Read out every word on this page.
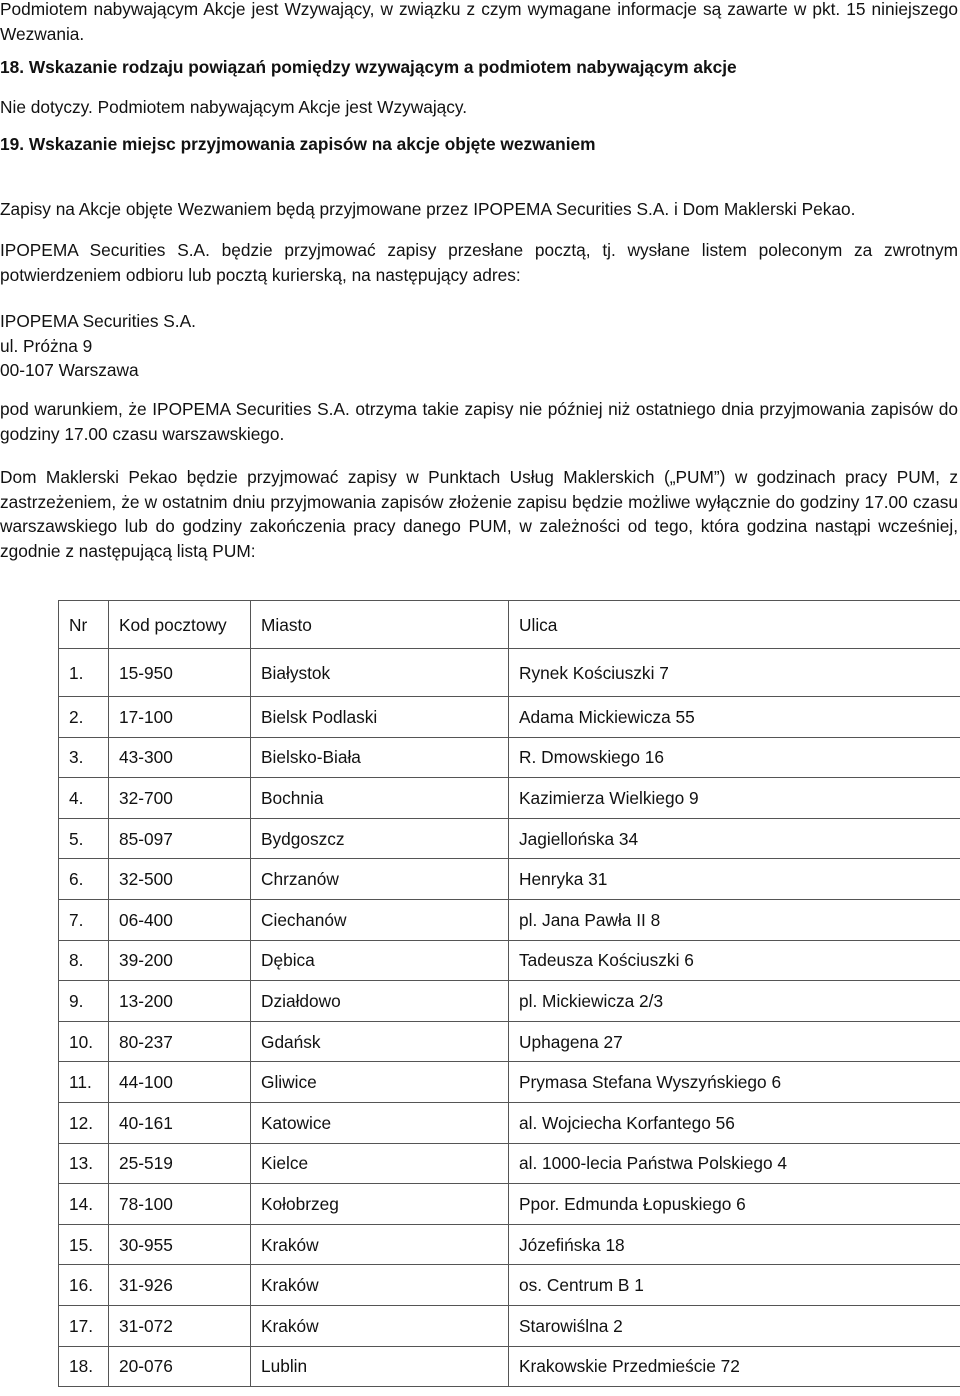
Podmiotem nabywającym Akcje jest Wzywający, w związku z czym wymagane informacje są zawarte w pkt. 15 niniejszego Wezwania.

18. Wskazanie rodzaju powiązań pomiędzy wzywającym a podmiotem nabywającym akcje

Nie dotyczy. Podmiotem nabywającym Akcje jest Wzywający.

19. Wskazanie miejsc przyjmowania zapisów na akcje objęte wezwaniem

Zapisy na Akcje objęte Wezwaniem będą przyjmowane przez IPOPEMA Securities S.A. i Dom Maklerski Pekao.

IPOPEMA Securities S.A. będzie przyjmować zapisy przesłane pocztą, tj. wysłane listem poleconym za zwrotnym potwierdzeniem odbioru lub pocztą kurierską, na następujący adres:

IPOPEMA Securities S.A.
ul. Próżna 9
00-107 Warszawa

pod warunkiem, że IPOPEMA Securities S.A. otrzyma takie zapisy nie później niż ostatniego dnia przyjmowania zapisów do godziny 17.00 czasu warszawskiego.

Dom Maklerski Pekao będzie przyjmować zapisy w Punktach Usług Maklerskich („PUM”) w godzinach pracy PUM, z zastrzeżeniem, że w ostatnim dniu przyjmowania zapisów złożenie zapisu będzie możliwe wyłącznie do godziny 17.00 czasu warszawskiego lub do godziny zakończenia pracy danego PUM, w zależności od tego, która godzina nastąpi wcześniej, zgodnie z następującą listą PUM:

Nr	Kod pocztowy	Miasto	Ulica
1.	15-950	Białystok	Rynek Kościuszki 7
2.	17-100	Bielsk Podlaski	Adama Mickiewicza 55
3.	43-300	Bielsko-Biała	R. Dmowskiego 16
4.	32-700	Bochnia	Kazimierza Wielkiego 9
5.	85-097	Bydgoszcz	Jagiellońska 34
6.	32-500	Chrzanów	Henryka 31
7.	06-400	Ciechanów	pl. Jana Pawła II 8
8.	39-200	Dębica	Tadeusza Kościuszki 6
9.	13-200	Działdowo	pl. Mickiewicza 2/3
10.	80-237	Gdańsk	Uphagena 27
11.	44-100	Gliwice	Prymasa Stefana Wyszyńskiego 6
12.	40-161	Katowice	al. Wojciecha Korfantego 56
13.	25-519	Kielce	al. 1000-lecia Państwa Polskiego 4
14.	78-100	Kołobrzeg	Ppor. Edmunda Łopuskiego 6
15.	30-955	Kraków	Józefińska 18
16.	31-926	Kraków	os. Centrum B 1
17.	31-072	Kraków	Starowiślna 2
18.	20-076	Lublin	Krakowskie Przedmieście 72
